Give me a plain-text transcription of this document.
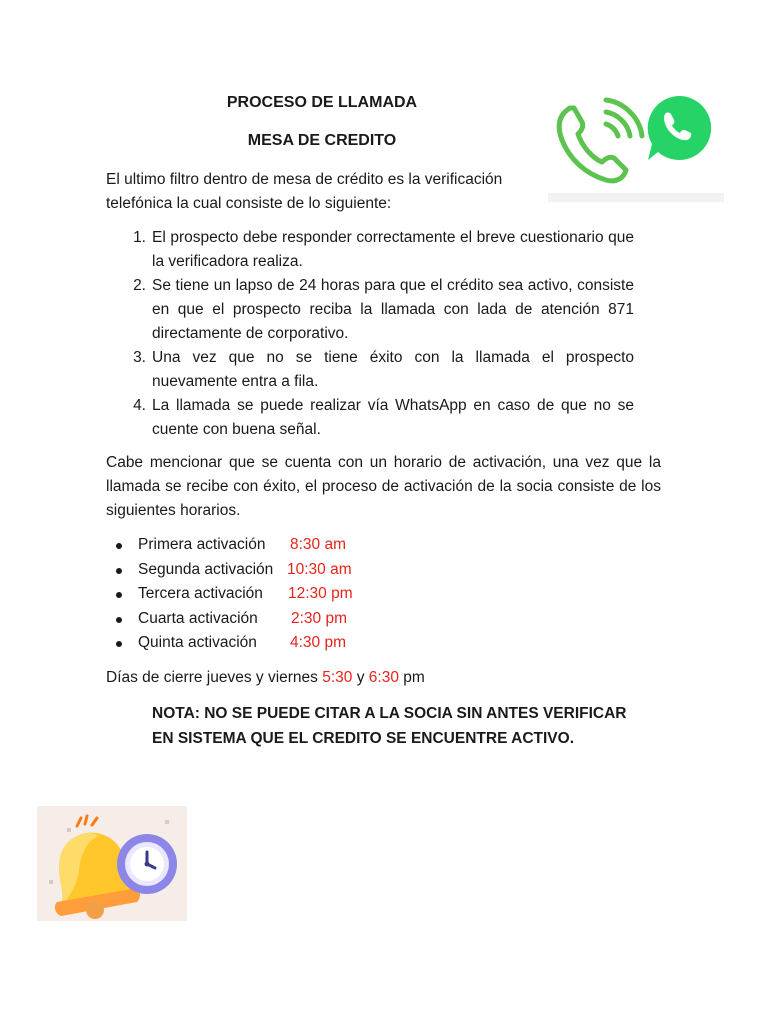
PROCESO DE LLAMADA
MESA DE CREDITO
El ultimo filtro dentro de mesa de crédito es la verificación telefónica la cual consiste de lo siguiente:
1. El prospecto debe responder correctamente el breve cuestionario que la verificadora realiza.
2. Se tiene un lapso de 24 horas para que el crédito sea activo, consiste en que el prospecto reciba la llamada con lada de atención 871 directamente de corporativo.
3. Una vez que no se tiene éxito con la llamada el prospecto nuevamente entra a fila.
4. La llamada se puede realizar vía WhatsApp en caso de que no se cuente con buena señal.
Cabe mencionar que se cuenta con un horario de activación, una vez que la llamada se recibe con éxito, el proceso de activación de la socia consiste de los siguientes horarios.
Primera activación 8:30 am
Segunda activación 10:30 am
Tercera activación 12:30 pm
Cuarta activación 2:30 pm
Quinta activación 4:30 pm
Días de cierre jueves y viernes 5:30 y 6:30 pm
NOTA: NO SE PUEDE CITAR A LA SOCIA SIN ANTES VERIFICAR EN SISTEMA QUE EL CREDITO SE ENCUENTRE ACTIVO.
